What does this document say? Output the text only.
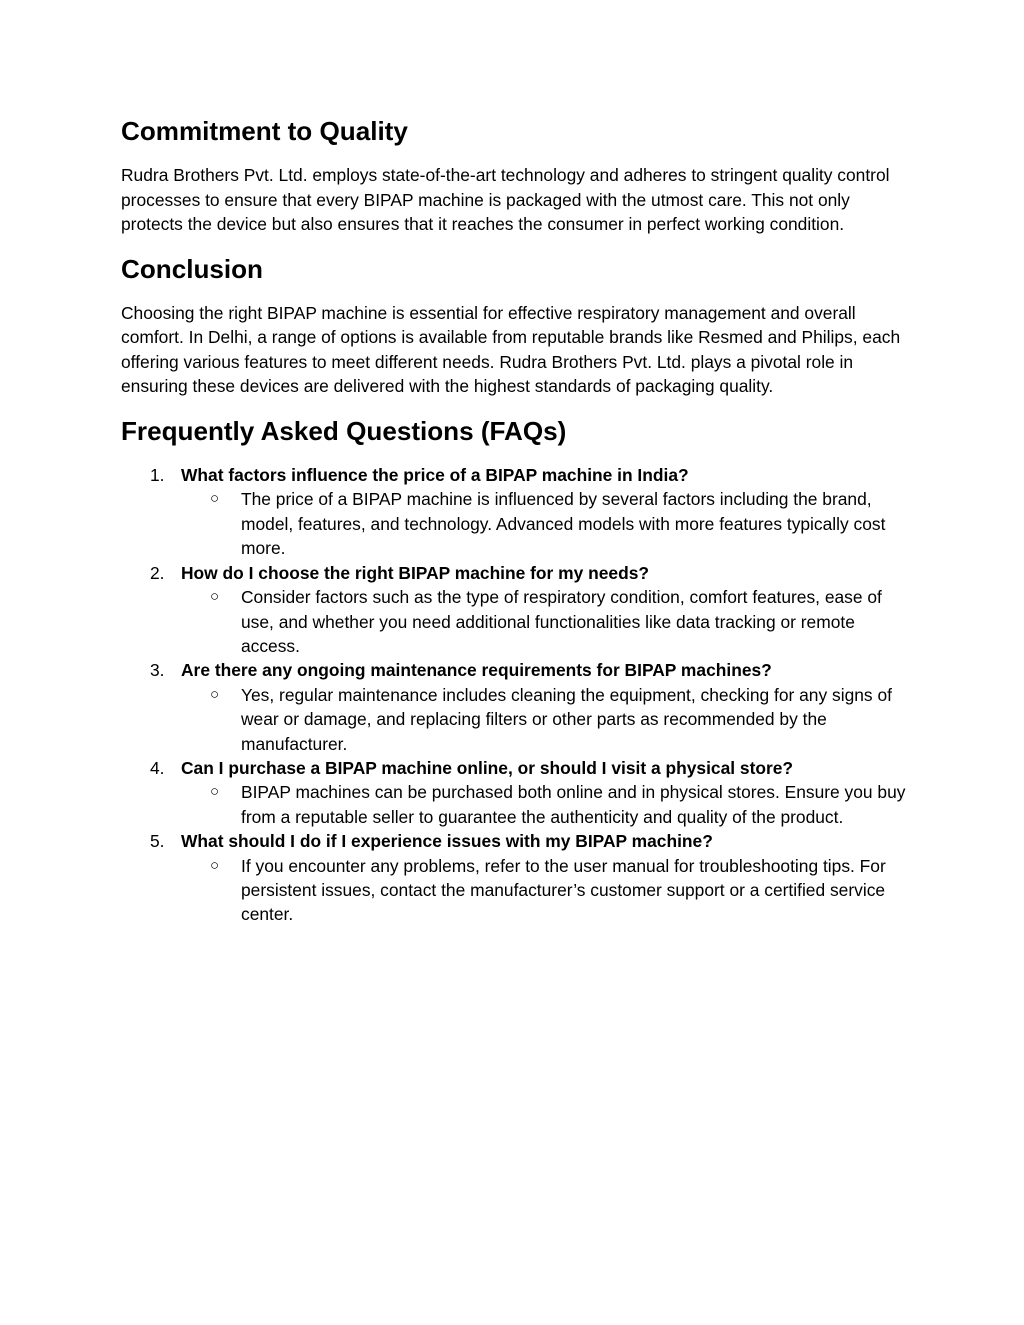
Commitment to Quality

Rudra Brothers Pvt. Ltd. employs state-of-the-art technology and adheres to stringent quality control processes to ensure that every BIPAP machine is packaged with the utmost care. This not only protects the device but also ensures that it reaches the consumer in perfect working condition.

Conclusion

Choosing the right BIPAP machine is essential for effective respiratory management and overall comfort. In Delhi, a range of options is available from reputable brands like Resmed and Philips, each offering various features to meet different needs. Rudra Brothers Pvt. Ltd. plays a pivotal role in ensuring these devices are delivered with the highest standards of packaging quality.

Frequently Asked Questions (FAQs)
1. What factors influence the price of a BIPAP machine in India?
○ The price of a BIPAP machine is influenced by several factors including the brand, model, features, and technology. Advanced models with more features typically cost more.
2. How do I choose the right BIPAP machine for my needs?
○ Consider factors such as the type of respiratory condition, comfort features, ease of use, and whether you need additional functionalities like data tracking or remote access.
3. Are there any ongoing maintenance requirements for BIPAP machines?
○ Yes, regular maintenance includes cleaning the equipment, checking for any signs of wear or damage, and replacing filters or other parts as recommended by the manufacturer.
4. Can I purchase a BIPAP machine online, or should I visit a physical store?
○ BIPAP machines can be purchased both online and in physical stores. Ensure you buy from a reputable seller to guarantee the authenticity and quality of the product.
5. What should I do if I experience issues with my BIPAP machine?
○ If you encounter any problems, refer to the user manual for troubleshooting tips. For persistent issues, contact the manufacturer’s customer support or a certified service center.
